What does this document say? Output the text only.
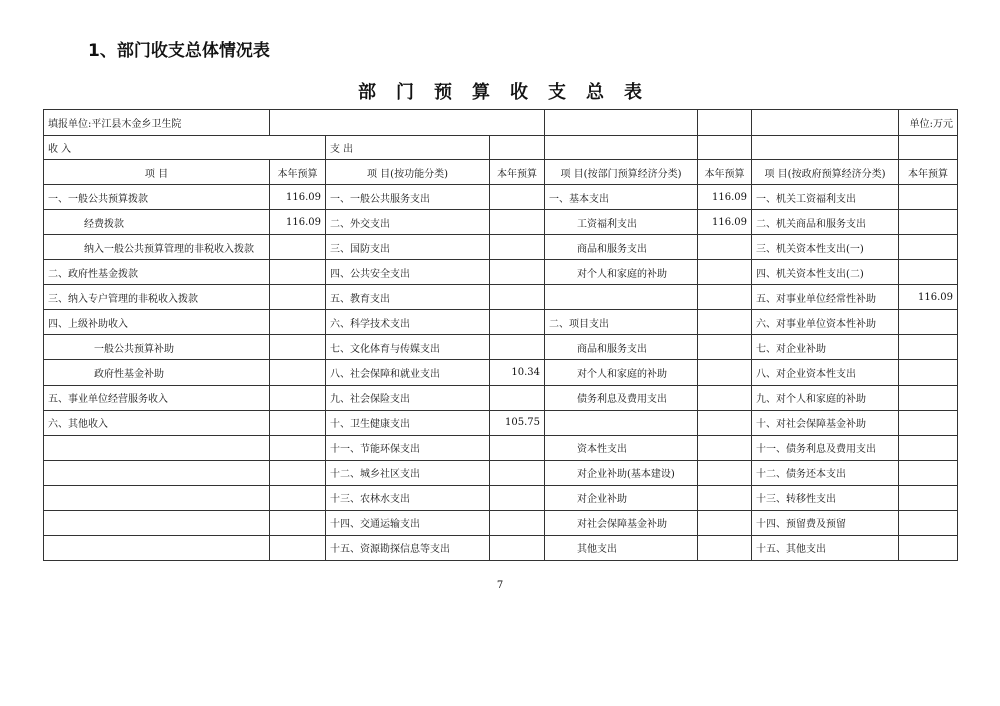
1、部门收支总体情况表
部门预算收支总表
填报单位:平江县木金乡卫生院							单位:万元
收 入		支 出					
项 目	本年预算	项 目(按功能分类)	本年预算	项 目(按部门预算经济分类)	本年预算	项 目(按政府预算经济分类)	本年预算
一、一般公共预算拨款	116.09	一、一般公共服务支出		一、基本支出	116.09	一、机关工资福利支出	
经费拨款	116.09	二、外交支出		工资福利支出	116.09	二、机关商品和服务支出	
纳入一般公共预算管理的非税收入拨款		三、国防支出		商品和服务支出		三、机关资本性支出(一)	
二、政府性基金拨款		四、公共安全支出		对个人和家庭的补助		四、机关资本性支出(二)	
三、纳入专户管理的非税收入拨款		五、教育支出				五、对事业单位经常性补助	116.09
四、上级补助收入		六、科学技术支出		二、项目支出		六、对事业单位资本性补助	
一般公共预算补助		七、文化体育与传媒支出		商品和服务支出		七、对企业补助	
政府性基金补助		八、社会保障和就业支出	10.34	对个人和家庭的补助		八、对企业资本性支出	
五、事业单位经营服务收入		九、社会保险支出		债务利息及费用支出		九、对个人和家庭的补助	
六、其他收入		十、卫生健康支出	105.75			十、对社会保障基金补助	
		十一、节能环保支出		资本性支出		十一、债务利息及费用支出	
		十二、城乡社区支出		对企业补助(基本建设)		十二、债务还本支出	
		十三、农林水支出		对企业补助		十三、转移性支出	
		十四、交通运输支出		对社会保障基金补助		十四、预留费及预留	
		十五、资源勘探信息等支出		其他支出		十五、其他支出	
7
